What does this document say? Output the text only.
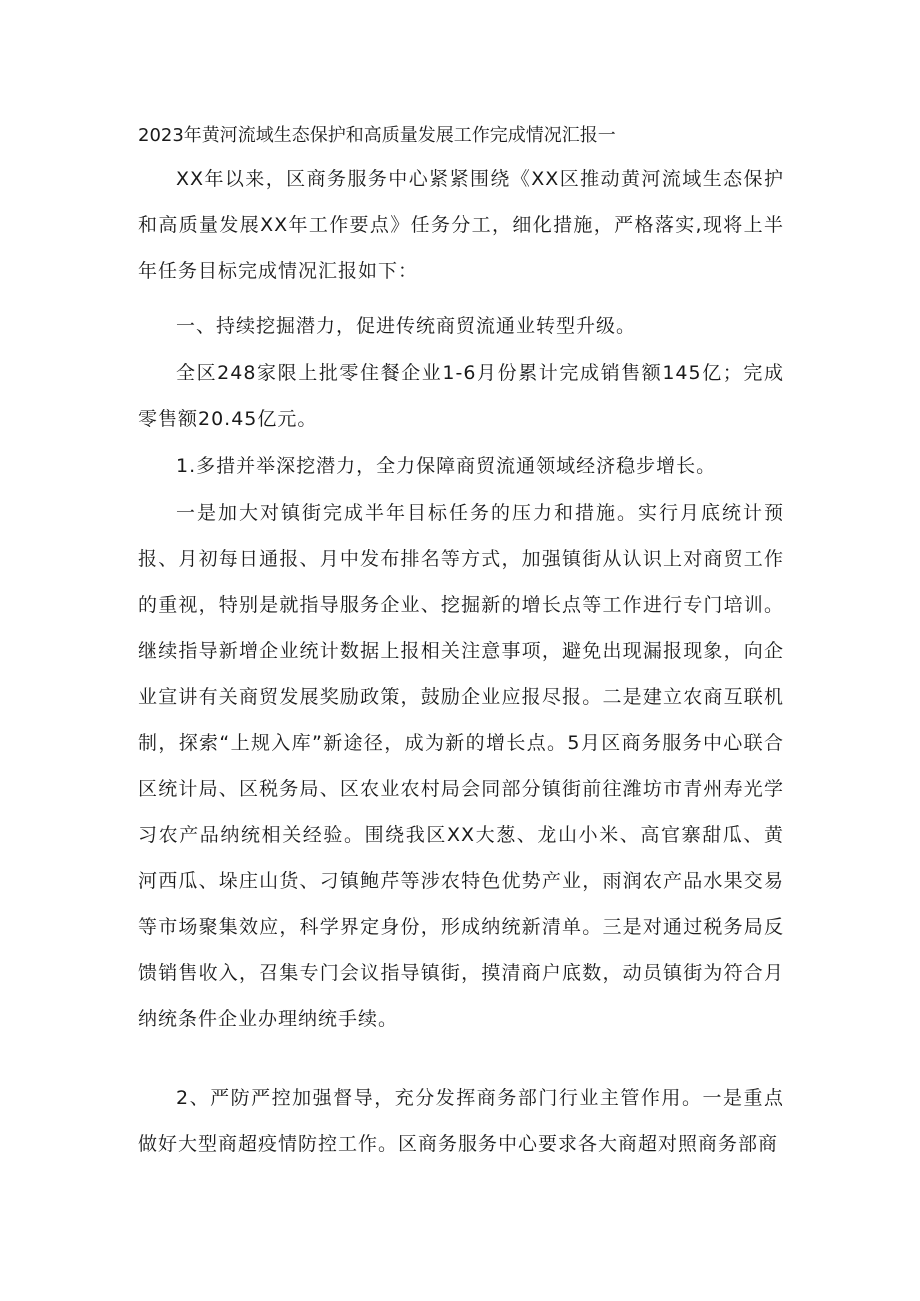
2023年黄河流域生态保护和高质量发展工作完成情况汇报一

XX年以来，区商务服务中心紧紧围绕《XX区推动黄河流域生态保护和高质量发展XX年工作要点》任务分工，细化措施，严格落实,现将上半年任务目标完成情况汇报如下：

一、持续挖掘潜力，促进传统商贸流通业转型升级。

全区248家限上批零住餐企业1-6月份累计完成销售额145亿；完成零售额20.45亿元。

1.多措并举深挖潜力，全力保障商贸流通领域经济稳步增长。

一是加大对镇街完成半年目标任务的压力和措施。实行月底统计预报、月初每日通报、月中发布排名等方式，加强镇街从认识上对商贸工作的重视，特别是就指导服务企业、挖掘新的增长点等工作进行专门培训。继续指导新增企业统计数据上报相关注意事项，避免出现漏报现象，向企业宣讲有关商贸发展奖励政策，鼓励企业应报尽报。二是建立农商互联机制，探索“上规入库”新途径，成为新的增长点。5月区商务服务中心联合区统计局、区税务局、区农业农村局会同部分镇街前往潍坊市青州寿光学习农产品纳统相关经验。围绕我区XX大葱、龙山小米、高官寨甜瓜、黄河西瓜、垛庄山货、刁镇鲍芹等涉农特色优势产业，雨润农产品水果交易等市场聚集效应，科学界定身份，形成纳统新清单。三是对通过税务局反馈销售收入，召集专门会议指导镇街，摸清商户底数，动员镇街为符合月纳统条件企业办理纳统手续。

2、严防严控加强督导，充分发挥商务部门行业主管作用。一是重点做好大型商超疫情防控工作。区商务服务中心要求各大商超对照商务部商
